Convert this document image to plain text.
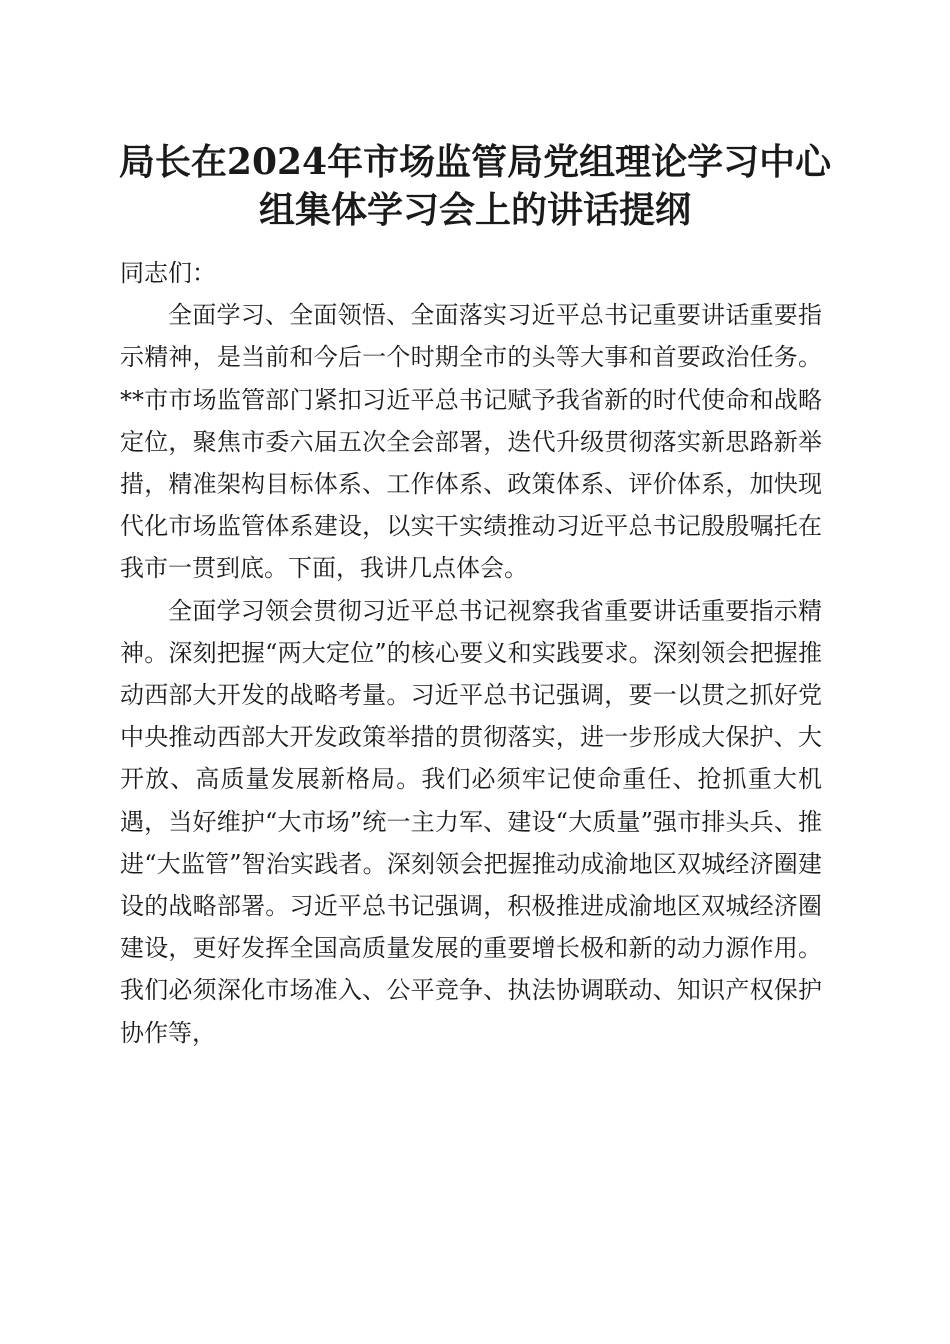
局长在2024年市场监管局党组理论学习中心
组集体学习会上的讲话提纲

同志们：

全面学习、全面领悟、全面落实习近平总书记重要讲话重要指示精神，是当前和今后一个时期全市的头等大事和首要政治任务。**市市场监管部门紧扣习近平总书记赋予我省新的时代使命和战略定位，聚焦市委六届五次全会部署，迭代升级贯彻落实新思路新举措，精准架构目标体系、工作体系、政策体系、评价体系，加快现代化市场监管体系建设，以实干实绩推动习近平总书记殷殷嘱托在我市一贯到底。下面，我讲几点体会。

全面学习领会贯彻习近平总书记视察我省重要讲话重要指示精神。深刻把握“两大定位”的核心要义和实践要求。深刻领会把握推动西部大开发的战略考量。习近平总书记强调，要一以贯之抓好党中央推动西部大开发政策举措的贯彻落实，进一步形成大保护、大开放、高质量发展新格局。我们必须牢记使命重任、抢抓重大机遇，当好维护“大市场”统一主力军、建设“大质量”强市排头兵、推进“大监管”智治实践者。深刻领会把握推动成渝地区双城经济圈建设的战略部署。习近平总书记强调，积极推进成渝地区双城经济圈建设，更好发挥全国高质量发展的重要增长极和新的动力源作用。我们必须深化市场准入、公平竞争、执法协调联动、知识产权保护协作等，
